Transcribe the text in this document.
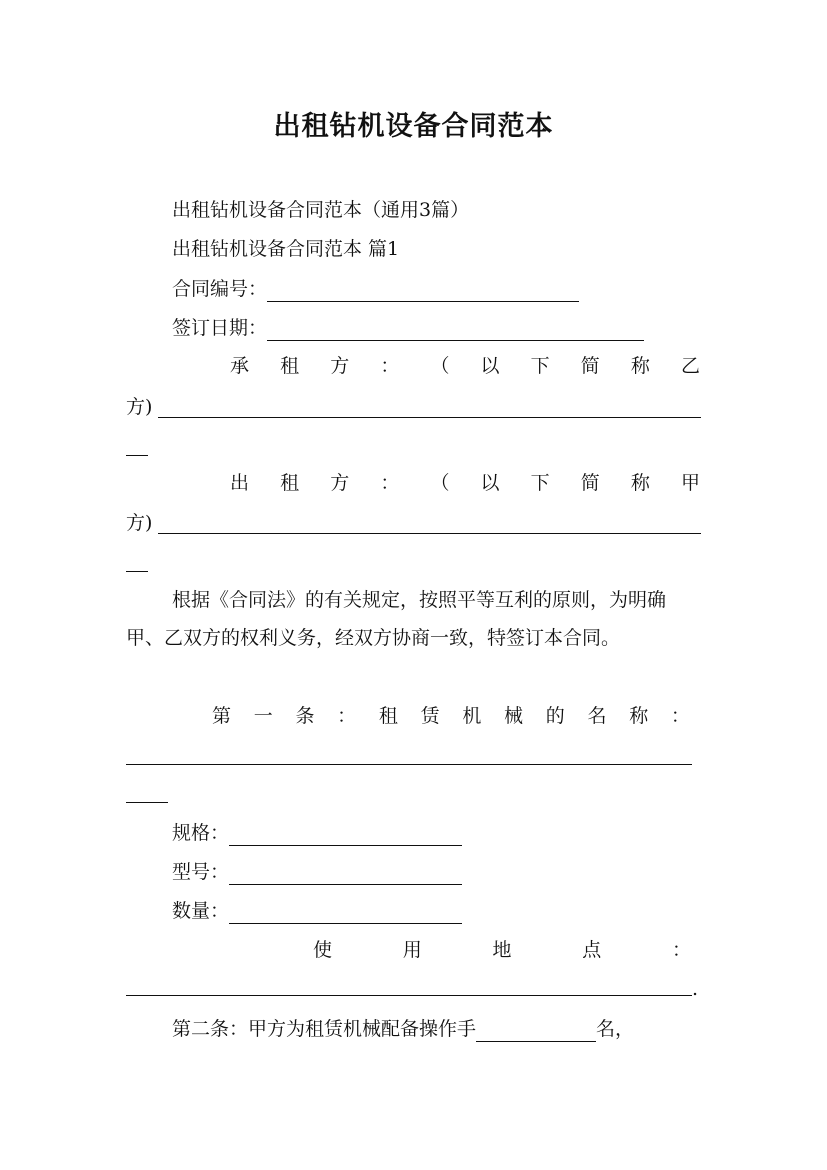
出租钻机设备合同范本
出租钻机设备合同范本（通用3篇）
出租钻机设备合同范本 篇1
合同编号：
签订日期：
承 租 方 ： （ 以 下 简 称 乙
方)
出 租 方 ： （ 以 下 简 称 甲
方)
根据《合同法》的有关规定，按照平等互利的原则，为明确甲、乙双方的权利义务，经双方协商一致，特签订本合同。
第 一 条 ： 租 赁 机 械 的 名 称 ：
规格：
型号：
数量：
使	用	地	点	：
.
第二条：甲方为租赁机械配备操作手	名，
